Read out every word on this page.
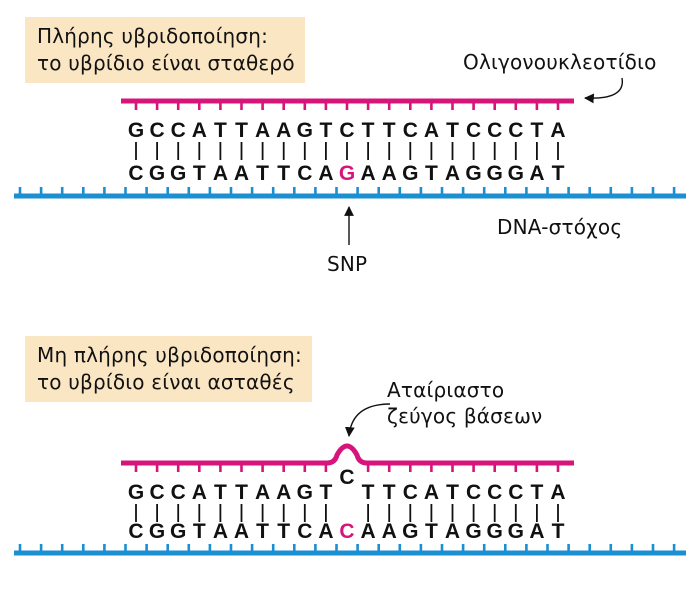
Πλήρης υβριδοποίηση:
το υβρίδιο είναι σταθερό	Ολιγονουκλεοτίδιο
DNA-στόχος
SNP
Μη πλήρης υβριδοποίηση:
το υβρίδιο είναι ασταθές	Αταίριαστο
ζεύγος βάσεων
G C C A T T A A G T C T T C A T C C C T A
C G G T A A T T C A G A A G T A G G G A T
G C C A T T A A G T
C
T T C A T C C C T A
C G G T A A T T C A C A A G T A G G G A T
